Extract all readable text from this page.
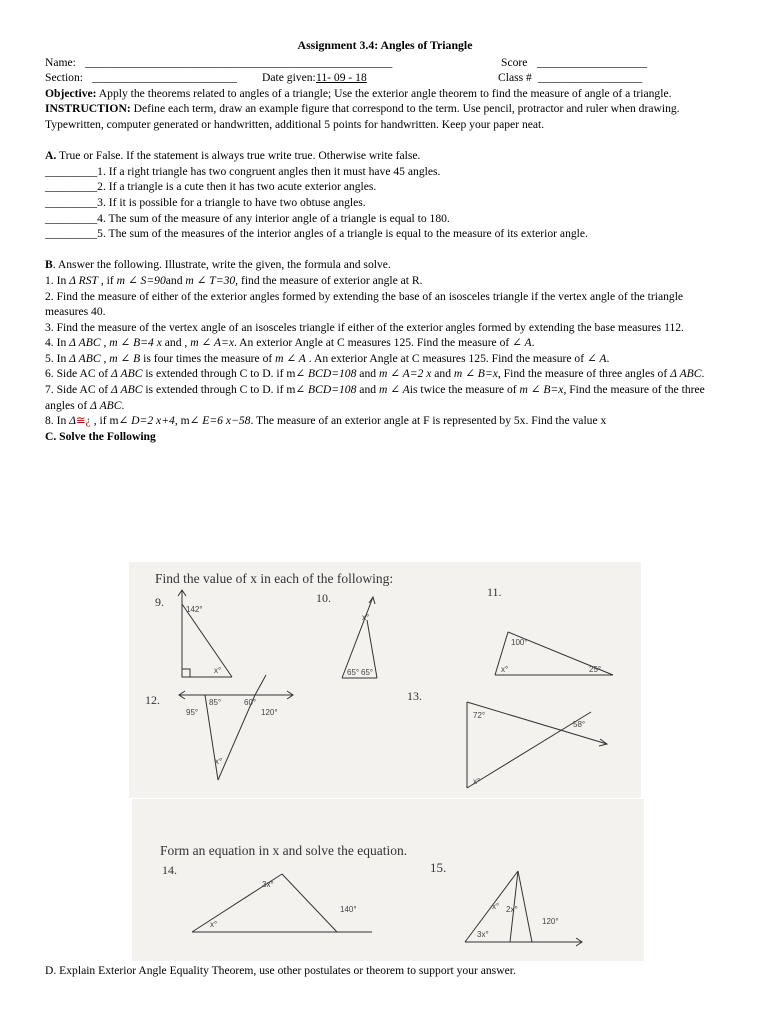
Assignment 3.4: Angles of Triangle
Name: _____________________________________________________	Score ___________________
Section: _________________________ Date given: 11- 09 - 18	Class # __________________

Objective: Apply the theorems related to angles of a triangle; Use the exterior angle theorem to find the measure of angle of a triangle.

INSTRUCTION: Define each term, draw an example figure that correspond to the term. Use pencil, protractor and ruler when drawing. Typewritten, computer generated or handwritten, additional 5 points for handwritten. Keep your paper neat.

A. True or False. If the statement is always true write true. Otherwise write false.

_________1. If a right triangle has two congruent angles then it must have 45 angles.

_________2. If a triangle is a cute then it has two acute exterior angles.

_________3. If it is possible for a triangle to have two obtuse angles.

_________4. The sum of the measure of any interior angle of a triangle is equal to 180.

_________5. The sum of the measures of the interior angles of a triangle is equal to the measure of its exterior angle.

B. Answer the following. Illustrate, write the given, the formula and solve.

1. In Δ RST , if m ∠ S=90and m ∠ T=30, find the measure of exterior angle at R.

2. Find the measure of either of the exterior angles formed by extending the base of an isosceles triangle if the vertex angle of the triangle measures 40.

3. Find the measure of the vertex angle of an isosceles triangle if either of the exterior angles formed by extending the base measures 112.

4. In Δ ABC , m ∠ B=4 x and , m ∠ A=x. An exterior Angle at C measures 125. Find the measure of ∠ A.

5. In Δ ABC , m ∠ B is four times the measure of m ∠ A . An exterior Angle at C measures 125. Find the measure of ∠ A.

6. Side AC of Δ ABC is extended through C to D. if m∠ BCD=108 and m ∠ A=2 x and m ∠ B=x, Find the measure of three angles of Δ ABC.

7. Side AC of Δ ABC is extended through C to D. if m∠ BCD=108 and m ∠ Ais twice the measure of m ∠ B=x, Find the measure of the three angles of Δ ABC.

8. In Δ≅¿ , if m∠ D=2 x+4, m∠ E=6 x−58. The measure of an exterior angle at F is represented by 5x. Find the value x

C. Solve the Following

Find the value of x in each of the following:
9.	10.	11.
12.	13.
142°
x°
x°
65° 65°
100°
x°	25°
85°	60°
95°	120°
x°
72°
58°
x°
Form an equation in x and solve the equation.
14.	15.
3x°
140°
x°
x° 2x°
120°
3x°

D. Explain Exterior Angle Equality Theorem, use other postulates or theorem to support your answer.
